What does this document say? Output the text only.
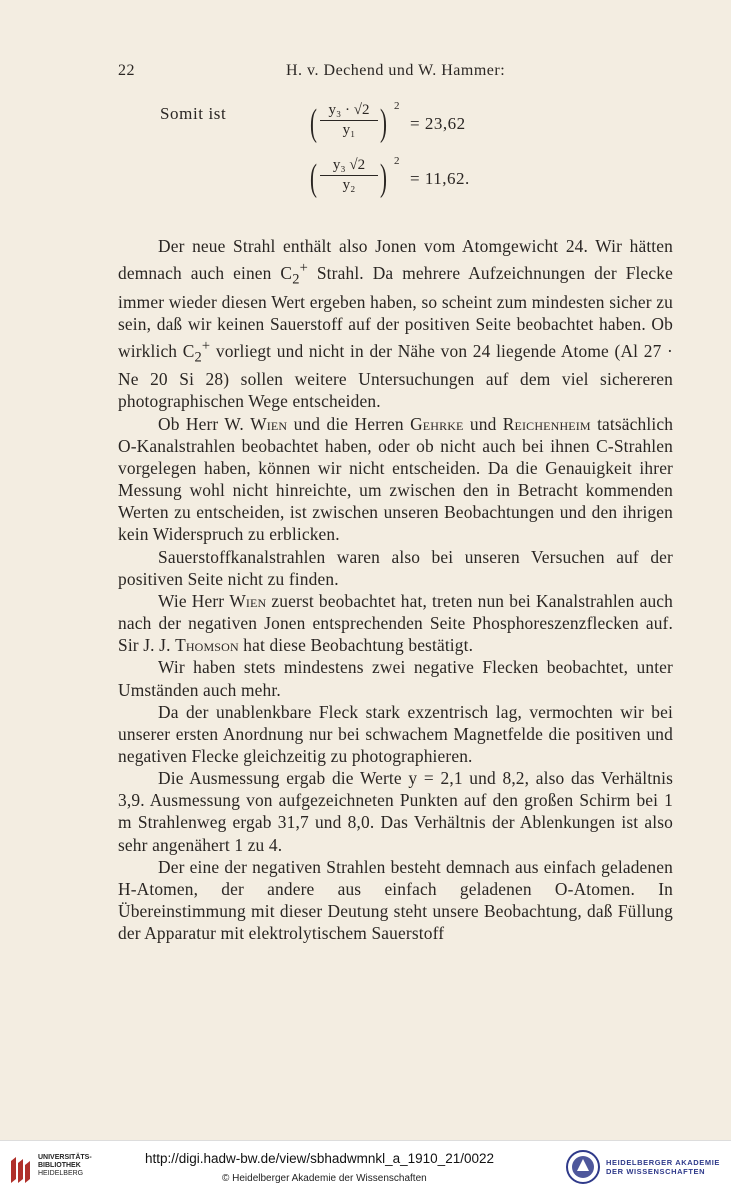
22	H. v. Dechend und W. Hammer:
Somit ist ( $\frac{\text{y₃ · √2}}{\text{y₁}}$ ) 2
= 23,62
( $\frac{\text{y₃ √2}}{\text{y₂}}$ ) 2
= 11,62.

Der neue Strahl enthält also Jonen vom Atomgewicht 24. Wir hätten demnach auch einen $C_2^+$ Strahl. Da mehrere Aufzeichnungen der Flecke immer wieder diesen Wert ergeben haben, so scheint zum mindesten sicher zu sein, daß wir keinen Sauerstoff auf der positiven Seite beobachtet haben. Ob wirklich $C_2^+$ vorliegt und nicht in der Nähe von 24 liegende Atome (Al 27 · Ne 20 Si 28) sollen weitere Untersuchungen auf dem viel sichereren photographischen Wege entscheiden.

Ob Herr W. Wien und die Herren Gehrke und Reichenheim tatsächlich O-Kanalstrahlen beobachtet haben, oder ob nicht auch bei ihnen C-Strahlen vorgelegen haben, können wir nicht entscheiden. Da die Genauigkeit ihrer Messung wohl nicht hinreichte, um zwischen den in Betracht kommenden Werten zu entscheiden, ist zwischen unseren Beobachtungen und den ihrigen kein Widerspruch zu erblicken.

Sauerstoffkanalstrahlen waren also bei unseren Versuchen auf der positiven Seite nicht zu finden.

Wie Herr Wien zuerst beobachtet hat, treten nun bei Kanalstrahlen auch nach der negativen Jonen entsprechenden Seite Phosphoreszenzflecken auf. Sir J. J. Thomson hat diese Beobachtung bestätigt.

Wir haben stets mindestens zwei negative Flecken beobachtet, unter Umständen auch mehr.

Da der unablenkbare Fleck stark exzentrisch lag, vermochten wir bei unserer ersten Anordnung nur bei schwachem Magnetfelde die positiven und negativen Flecke gleichzeitig zu photographieren.

Die Ausmessung ergab die Werte y = 2,1 und 8,2, also das Verhältnis 3,9. Ausmessung von aufgezeichneten Punkten auf den großen Schirm bei 1 m Strahlenweg ergab 31,7 und 8,0. Das Verhältnis der Ablenkungen ist also sehr angenähert 1 zu 4.

Der eine der negativen Strahlen besteht demnach aus einfach geladenen H-Atomen, der andere aus einfach geladenen O-Atomen. In Übereinstimmung mit dieser Deutung steht unsere Beobachtung, daß Füllung der Apparatur mit elektrolytischem Sauerstoff

UNIVERSITÄTS-
BIBLIOTHEK
HEIDELBERG
http://digi.hadw-bw.de/view/sbhadwmnkl_a_1910_21/0022
© Heidelberger Akademie der Wissenschaften
HEIDELBERGER AKADEMIE
DER WISSENSCHAFTEN
